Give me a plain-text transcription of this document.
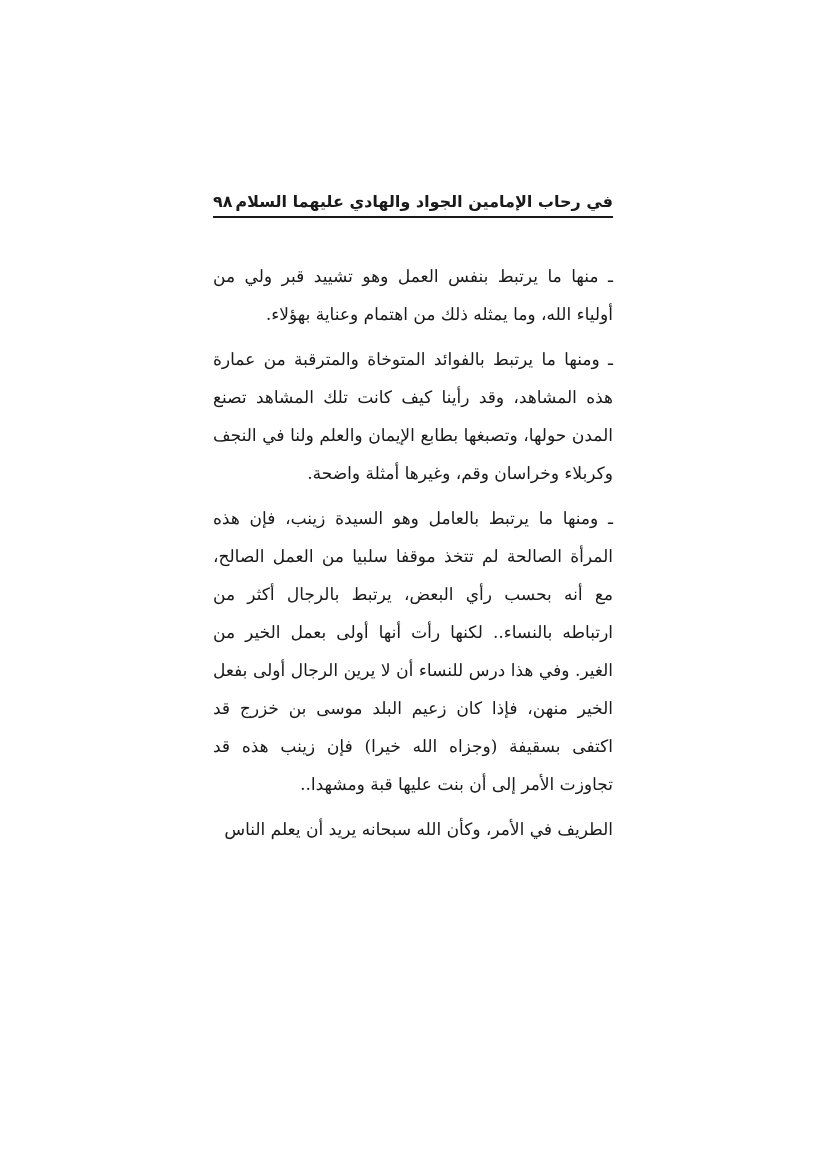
في رحاب الإمامين الجواد والهادي عليهما السلام
٩٨

ـ منها ما يرتبط بنفس العمل وهو تشييد قبر ولي من أولياء الله، وما يمثله ذلك من اهتمام وعناية بهؤلاء.

ـ ومنها ما يرتبط بالفوائد المتوخاة والمترقبة من عمارة هذه المشاهد، وقد رأينا كيف كانت تلك المشاهد تصنع المدن حولها، وتصبغها بطابع الإيمان والعلم ولنا في النجف وكربلاء وخراسان وقم، وغيرها أمثلة واضحة.

ـ ومنها ما يرتبط بالعامل وهو السيدة زينب، فإن هذه المرأة الصالحة لم تتخذ موقفا سلبيا من العمل الصالح، مع أنه بحسب رأي البعض، يرتبط بالرجال أكثر من ارتباطه بالنساء.. لكنها رأت أنها أولى بعمل الخير من الغير. وفي هذا درس للنساء أن لا يرين الرجال أولى بفعل الخير منهن، فإذا كان زعيم البلد موسى بن خزرج قد اكتفى بسقيفة (وجزاه الله خيرا) فإن زينب هذه قد تجاوزت الأمر إلى أن بنت عليها قبة ومشهدا..

الطريف في الأمر، وكأن الله سبحانه يريد أن يعلم الناس
